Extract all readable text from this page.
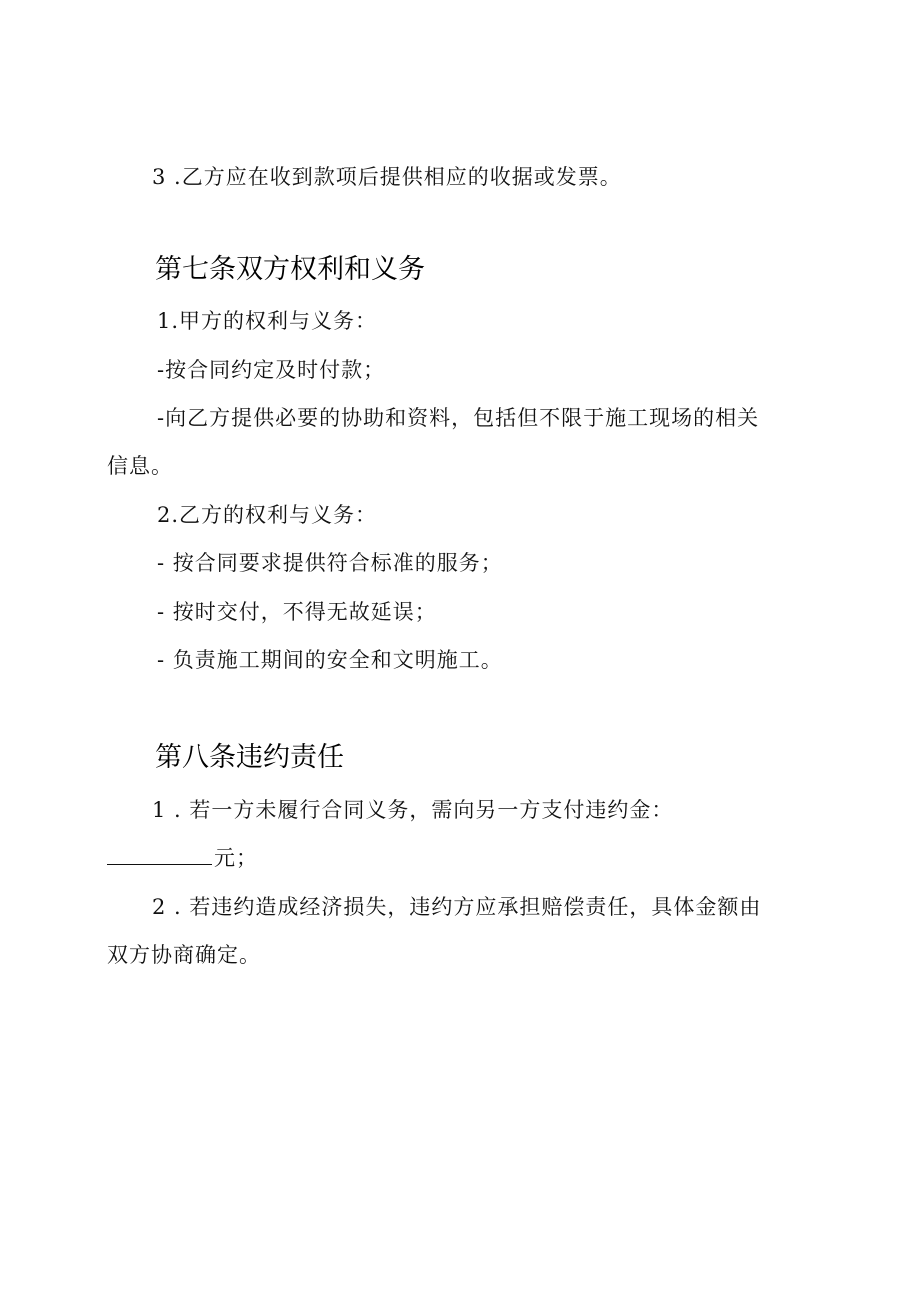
3 .乙方应在收到款项后提供相应的收据或发票。
第七条双方权利和义务
1.甲方的权利与义务：
-按合同约定及时付款；
-向乙方提供必要的协助和资料，包括但不限于施工现场的相关
信息。
2.乙方的权利与义务：
- 按合同要求提供符合标准的服务；
- 按时交付，不得无故延误；
- 负责施工期间的安全和文明施工。
第八条违约责任
1 . 若一方未履行合同义务，需向另一方支付违约金：
元；
2 . 若违约造成经济损失，违约方应承担赔偿责任，具体金额由
双方协商确定。
